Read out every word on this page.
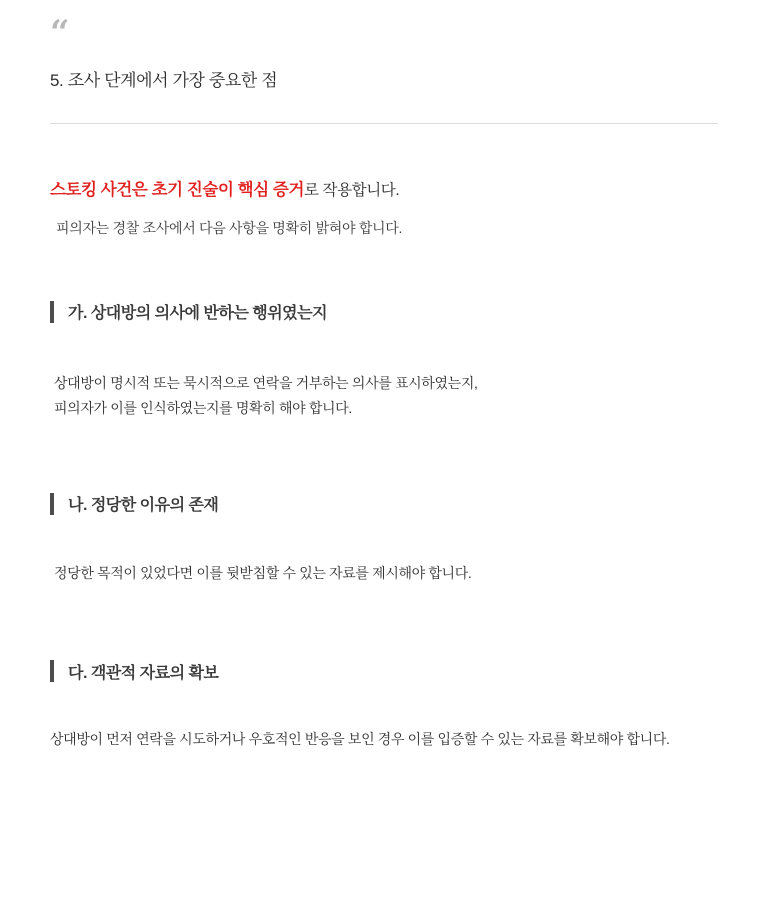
“
5. 조사 단계에서 가장 중요한 점

스토킹 사건은 초기 진술이 핵심 증거로 작용합니다.

피의자는 경찰 조사에서 다음 사항을 명확히 밝혀야 합니다.

가. 상대방의 의사에 반하는 행위였는지
상대방이 명시적 또는 묵시적으로 연락을 거부하는 의사를 표시하였는지,
피의자가 이를 인식하였는지를 명확히 해야 합니다.
나. 정당한 이유의 존재
정당한 목적이 있었다면 이를 뒷받침할 수 있는 자료를 제시해야 합니다.
다. 객관적 자료의 확보
상대방이 먼저 연락을 시도하거나 우호적인 반응을 보인 경우 이를 입증할 수 있는 자료를 확보해야 합니다.
